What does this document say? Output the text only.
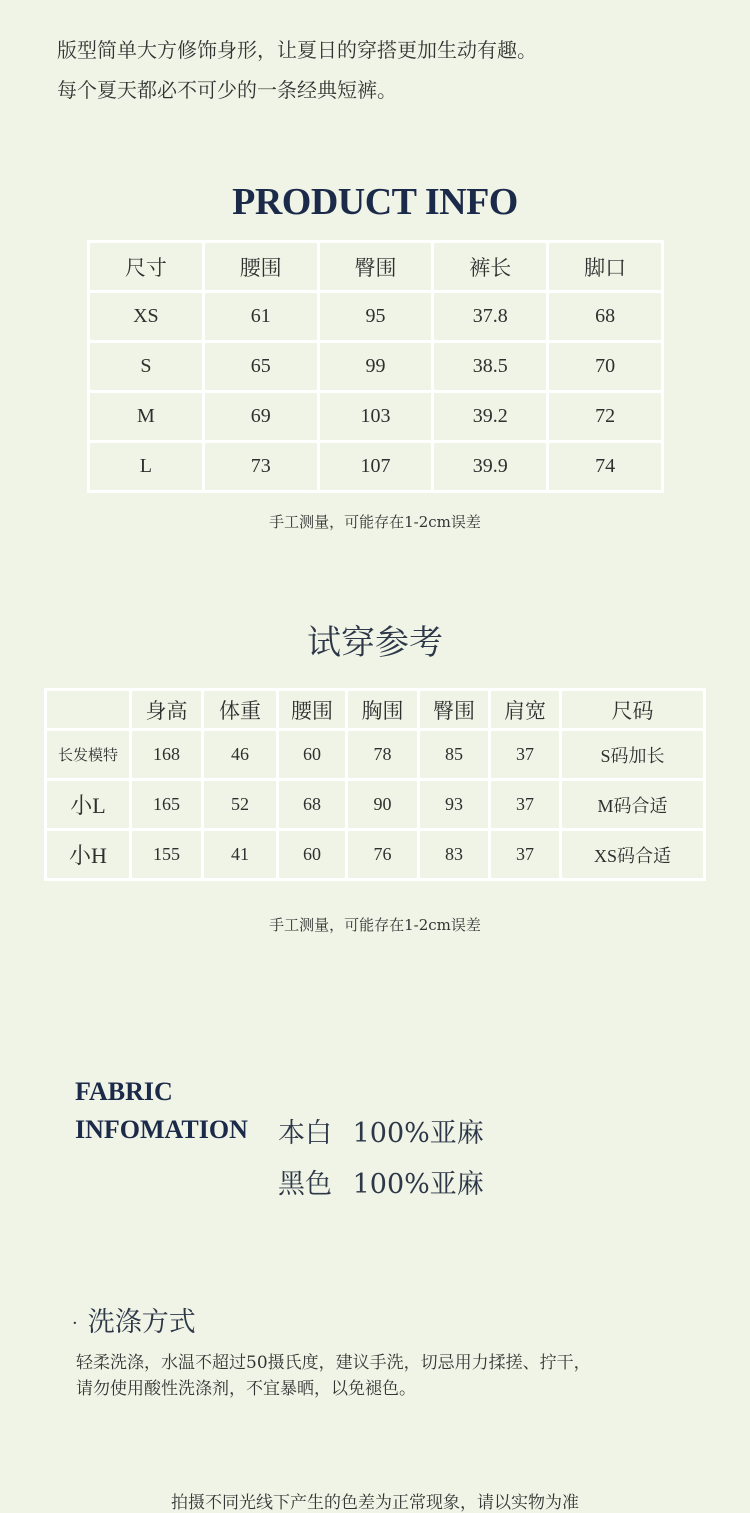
版型简单大方修饰身形，让夏日的穿搭更加生动有趣。
每个夏天都必不可少的一条经典短裤。
PRODUCT INFO
尺寸	腰围	臀围	裤长	脚口
XS	61	95	37.8	68
S	65	99	38.5	70
M	69	103	39.2	72
L	73	107	39.9	74
手工测量，可能存在1-2cm误差
试穿参考
	身高	体重	腰围	胸围	臀围	肩宽	尺码
长发模特	168	46	60	78	85	37	S码加长
小L	165	52	68	90	93	37	M码合适
小H	155	41	60	76	83	37	XS码合适
手工测量，可能存在1-2cm误差
FABRIC
INFOMATION 本白 100%亚麻
黑色 100%亚麻
· 洗涤方式
轻柔洗涤，水温不超过50摄氏度，建议手洗，切忌用力揉搓、拧干，
请勿使用酸性洗涤剂，不宜暴晒，以免褪色。
拍摄不同光线下产生的色差为正常现象，请以实物为准
